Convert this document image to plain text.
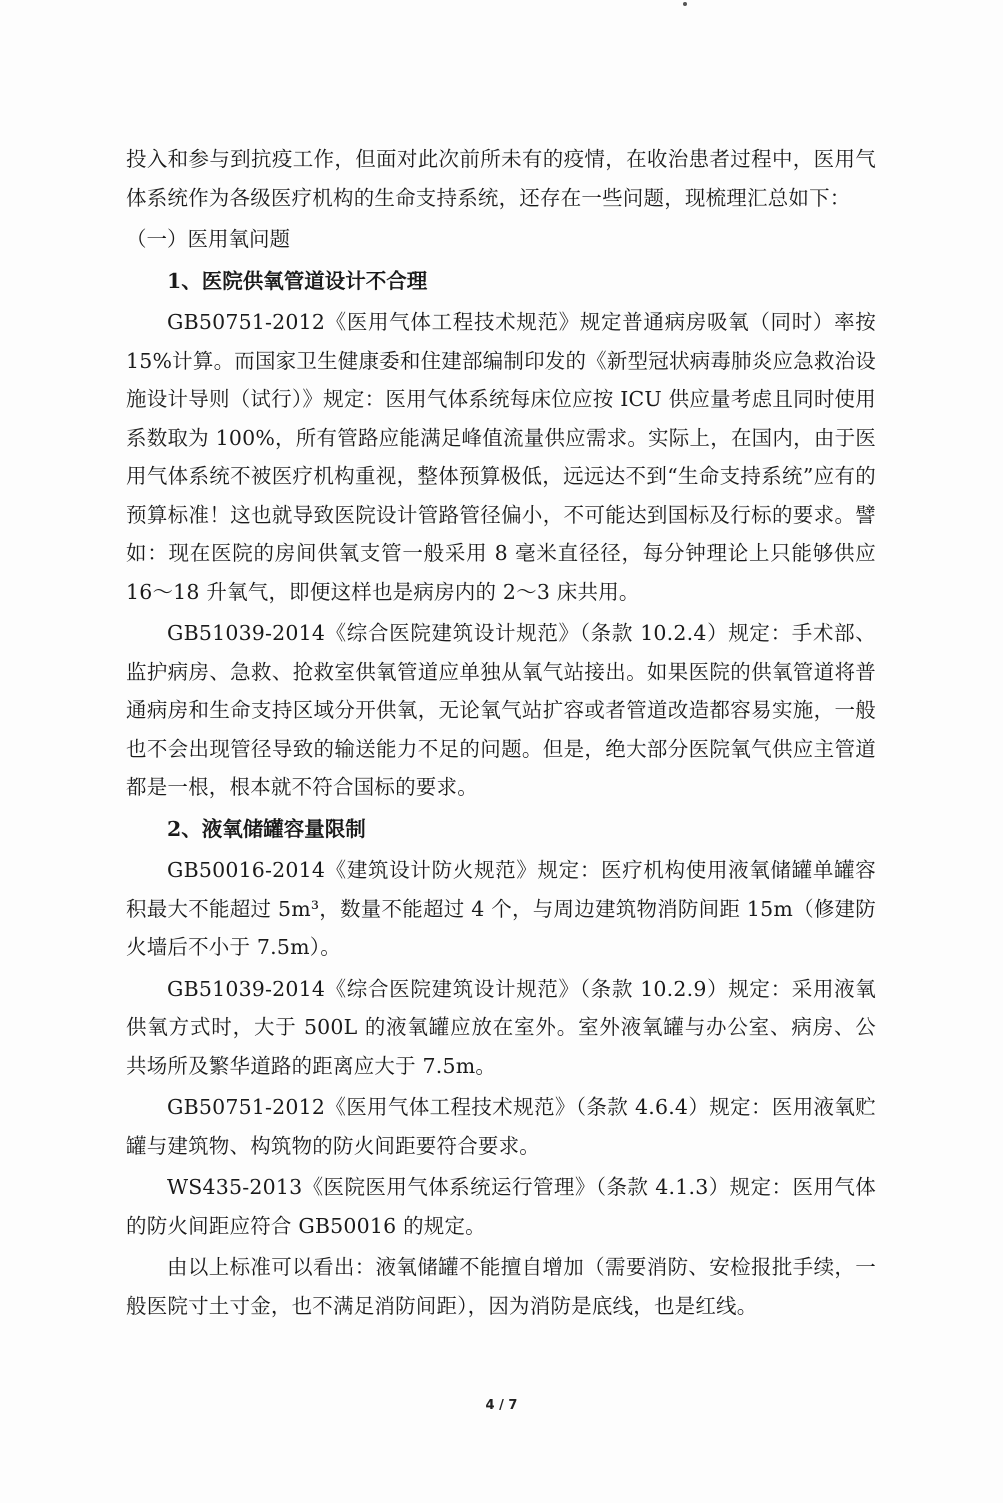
投入和参与到抗疫工作，但面对此次前所未有的疫情，在收治患者过程中，医用气体系统作为各级医疗机构的生命支持系统，还存在一些问题，现梳理汇总如下：

（一）医用氧问题

1、医院供氧管道设计不合理

GB50751-2012《医用气体工程技术规范》规定普通病房吸氧（同时）率按15%计算。而国家卫生健康委和住建部编制印发的《新型冠状病毒肺炎应急救治设施设计导则（试行）》规定：医用气体系统每床位应按 ICU 供应量考虑且同时使用系数取为 100%，所有管路应能满足峰值流量供应需求。实际上，在国内，由于医用气体系统不被医疗机构重视，整体预算极低，远远达不到“生命支持系统”应有的预算标准！这也就导致医院设计管路管径偏小，不可能达到国标及行标的要求。譬如：现在医院的房间供氧支管一般采用 8 毫米直径径，每分钟理论上只能够供应 16～18 升氧气，即便这样也是病房内的 2～3 床共用。

GB51039-2014《综合医院建筑设计规范》（条款 10.2.4）规定：手术部、监护病房、急救、抢救室供氧管道应单独从氧气站接出。如果医院的供氧管道将普通病房和生命支持区域分开供氧，无论氧气站扩容或者管道改造都容易实施，一般也不会出现管径导致的输送能力不足的问题。但是，绝大部分医院氧气供应主管道都是一根，根本就不符合国标的要求。

2、液氧储罐容量限制

GB50016-2014《建筑设计防火规范》规定：医疗机构使用液氧储罐单罐容积最大不能超过 5m³，数量不能超过 4 个，与周边建筑物消防间距 15m（修建防火墙后不小于 7.5m）。

GB51039-2014《综合医院建筑设计规范》（条款 10.2.9）规定：采用液氧供氧方式时，大于 500L 的液氧罐应放在室外。室外液氧罐与办公室、病房、公共场所及繁华道路的距离应大于 7.5m。

GB50751-2012《医用气体工程技术规范》（条款 4.6.4）规定：医用液氧贮罐与建筑物、构筑物的防火间距要符合要求。

WS435-2013《医院医用气体系统运行管理》（条款 4.1.3）规定：医用气体的防火间距应符合 GB50016 的规定。

由以上标准可以看出：液氧储罐不能擅自增加（需要消防、安检报批手续，一般医院寸土寸金，也不满足消防间距），因为消防是底线，也是红线。

4 / 7
